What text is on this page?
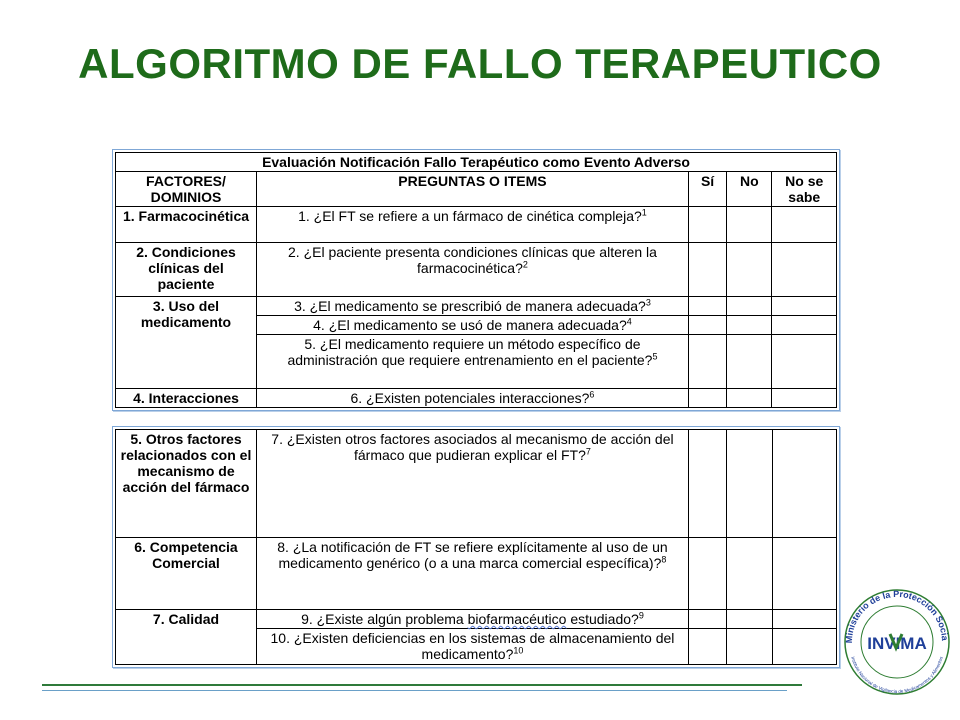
ALGORITMO DE FALLO TERAPEUTICO
Evaluación Notificación Fallo Terapéutico como Evento Adverso				
FACTORES/ DOMINIOS	PREGUNTAS O ITEMS	Sí	No	No se sabe
1. Farmacocinética	1. ¿El FT se refiere a un fármaco de cinética compleja?$^1$			
2. Condiciones clínicas del paciente	2. ¿El paciente presenta condiciones clínicas que alteren la farmacocinética?$^2$			
3. Uso del medicamento	3. ¿El medicamento se prescribió de manera adecuada?$^3$			
	4. ¿El medicamento se usó de manera adecuada?$^4$			
	5. ¿El medicamento requiere un método específico de administración que requiere entrenamiento en el paciente?$^5$			
4. Interacciones	6. ¿Existen potenciales interacciones?$^6$			
5. Otros factores relacionados con el mecanismo de acción del fármaco	7. ¿Existen otros factores asociados al mecanismo de acción del fármaco que pudieran explicar el FT?$^7$			
6. Competencia Comercial	8. ¿La notificación de FT se refiere explícitamente al uso de un medicamento genérico (o a una marca comercial específica)?$^8$			
7. Calidad	9. ¿Existe algún problema biofarmacéutico estudiado?$^9$			
	10. ¿Existen deficiencias en los sistemas de almacenamiento del medicamento?$^{10}$			
Ministerio de la Protección Socia
Instituto Nacional de Vigilancia de Medicamentos y Alimentos
INVIMA
